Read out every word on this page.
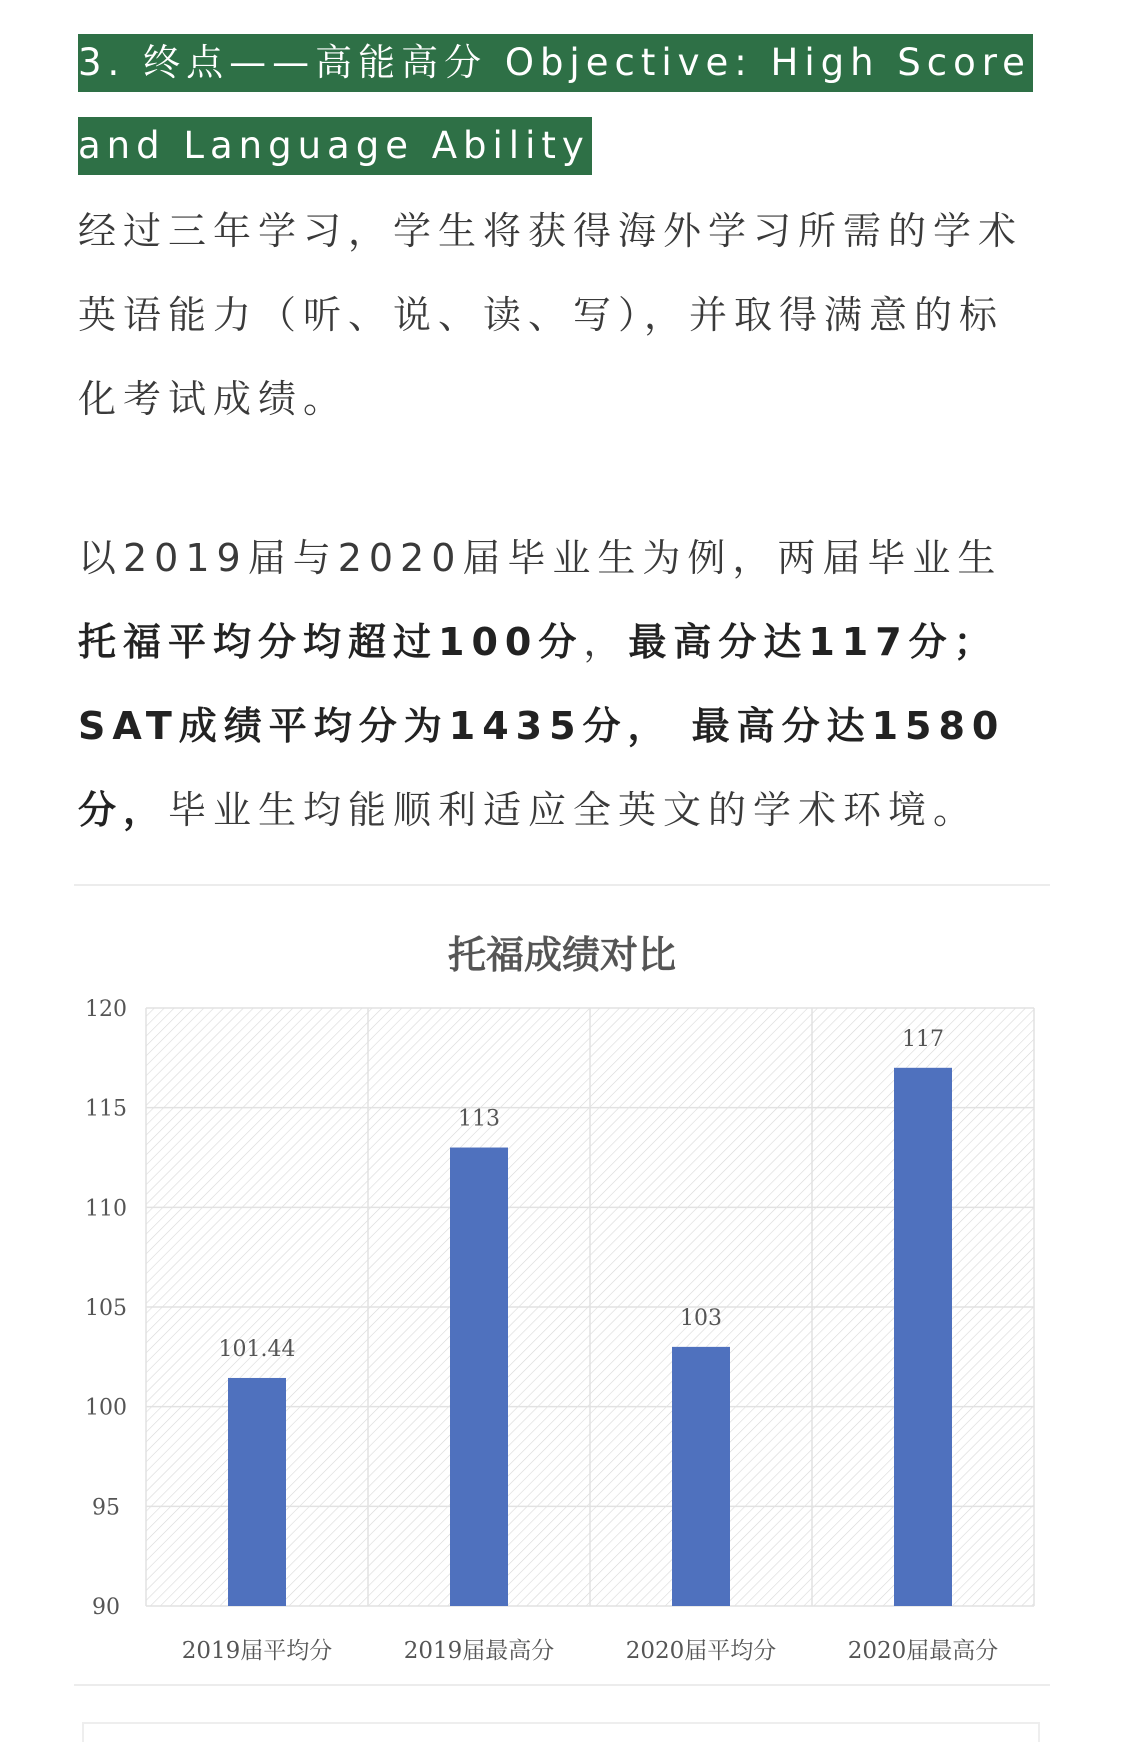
3. 终点——高能高分 Objective: High Score
and Language Ability
经过三年学习，学生将获得海外学习所需的学术英语能力（听、说、读、写），并取得满意的标化考试成绩。
以2019届与2020届毕业生为例，两届毕业生托福平均分均超过100分，最高分达117分；SAT成绩平均分为1435分， 最高分达1580分，毕业生均能顺利适应全英文的学术环境。
托福成绩对比
90
95
100
105
110
115
120
101.44
113
103
117
2019届平均分	2019届最高分	2020届平均分	2020届最高分
